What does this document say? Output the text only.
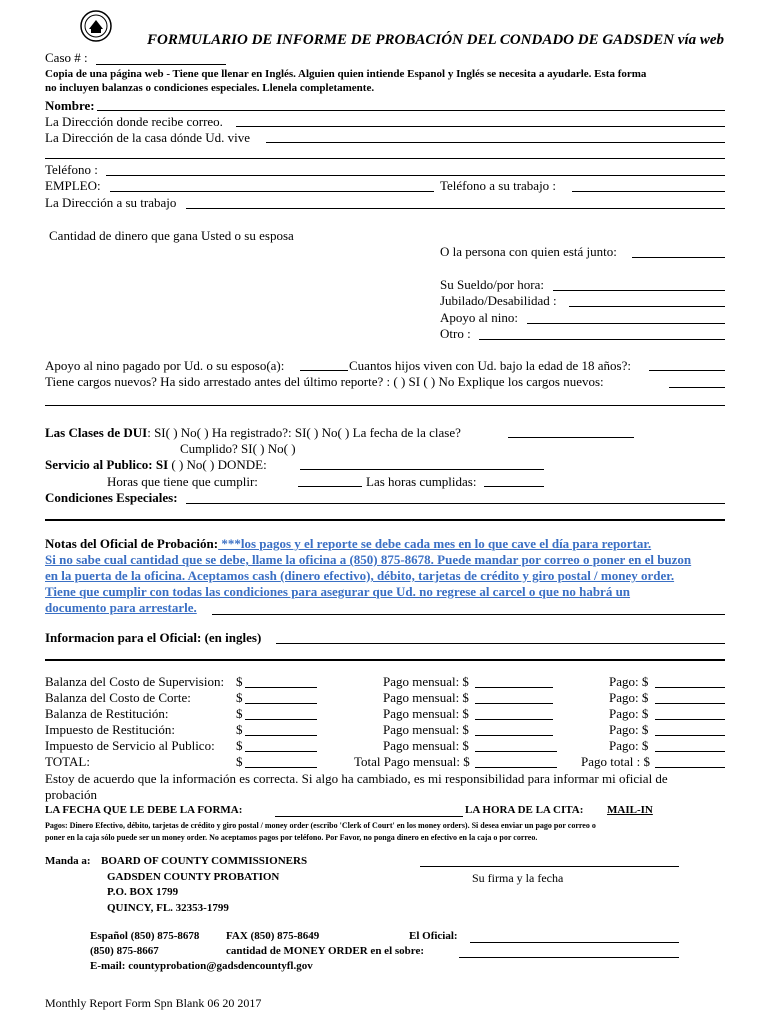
FORMULARIO DE INFORME DE PROBACIÓN DEL CONDADO DE GADSDEN vía web
Caso # :
Copia de una página web - Tiene que llenar en Inglés. Alguien quien intiende Espanol y Inglés se necesita a ayudarle. Esta forma
no incluyen balanzas o condiciones especiales. Llenela completamente.
Nombre:
La Dirección donde recibe correo.
La Dirección de la casa dónde Ud. vive
Teléfono :
EMPLEO:	Teléfono a su trabajo :
La Dirección a su trabajo
Cantidad de dinero que gana Usted o su esposa
O la persona con quien está junto:
Su Sueldo/por hora:
Jubilado/Desabilidad :
Apoyo al nino:
Otro :
Apoyo al nino pagado por Ud. o su esposo(a):	Cuantos hijos viven con Ud. bajo la edad de 18 años?:
Tiene cargos nuevos? Ha sido arrestado antes del último reporte? : ( ) SI ( ) No Explique los cargos nuevos:
Las Clases de DUI: SI( ) No( ) Ha registrado?: SI( ) No( ) La fecha de la clase?
Cumplido? SI( ) No( )
Servicio al Publico: SI ( ) No( ) DONDE:
Horas que tiene que cumplir:	Las horas cumplidas:
Condiciones Especiales:
Notas del Oficial de Probación: ***los pagos y el reporte se debe cada mes en lo que cave el día para reportar.
Si no sabe cual cantidad que se debe, llame la oficina a (850) 875-8678. Puede mandar por correo o poner en el buzon
en la puerta de la oficina. Aceptamos cash (dinero efectivo), débito, tarjetas de crédito y giro postal / money order.
Tiene que cumplir con todas las condiciones para asegurar que Ud. no regrese al carcel o que no habrá un
documento para arrestarle.
Informacion para el Oficial: (en ingles)
Balanza del Costo de Supervision: $	Pago mensual: $	Pago: $
Balanza del Costo de Corte:	$	Pago mensual: $	Pago: $
Balanza de Restitución:	$	Pago mensual: $	Pago: $
Impuesto de Restitución:	$	Pago mensual: $	Pago: $
Impuesto de Servicio al Publico: $	Pago mensual: $	Pago: $
TOTAL:	$	Total Pago mensual: $	Pago total : $
Estoy de acuerdo que la información es correcta. Si algo ha cambiado, es mi responsibilidad para informar mi oficial de
probación
LA FECHA QUE LE DEBE LA FORMA:	LA HORA DE LA CITA: MAIL-IN
Pagos: Dinero Efectivo, débito, tarjetas de crédito y giro postal / money order (escribo 'Clerk of Court' en los money orders). Si desea enviar un pago por correo o
poner en la caja sólo puede ser un money order. No aceptamos pagos por teléfono. Por Favor, no ponga dinero en efectivo en la caja o por correo.
Manda a: BOARD OF COUNTY COMMISSIONERS
GADSDEN COUNTY PROBATION
P.O. BOX 1799
QUINCY, FL. 32353-1799
Su firma y la fecha
Español (850) 875-8678 FAX (850) 875-8649	El Oficial:
(850) 875-8667	cantidad de MONEY ORDER en el sobre:
E-mail: countyprobation@gadsdencountyfl.gov
Monthly Report Form Spn Blank 06 20 2017
